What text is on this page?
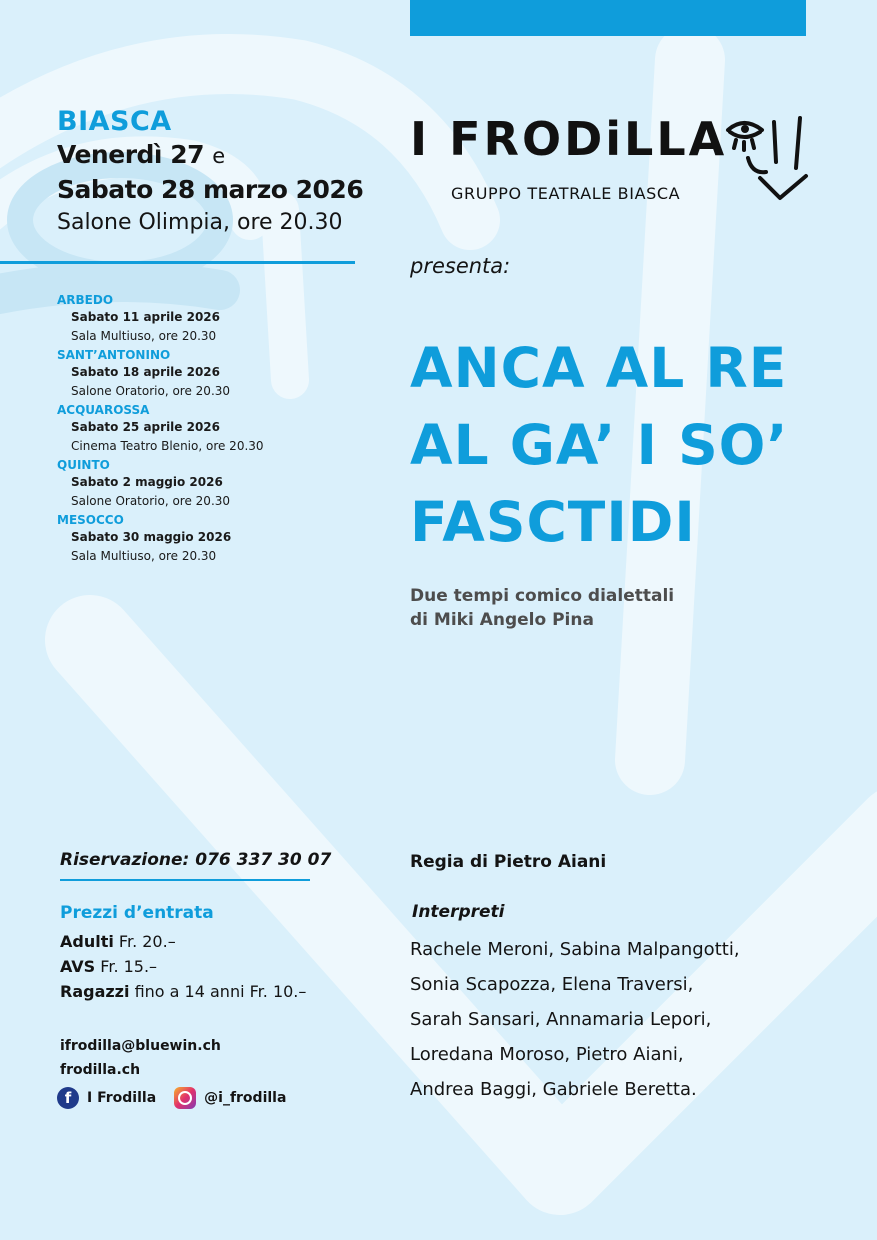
BIASCA
Venerdì 27 e
Sabato 28 marzo 2026
Salone Olimpia, ore 20.30
ARBEDO
Sabato 11 aprile 2026
Sala Multiuso, ore 20.30
SANT’ANTONINO
Sabato 18 aprile 2026
Salone Oratorio, ore 20.30
ACQUAROSSA
Sabato 25 aprile 2026
Cinema Teatro Blenio, ore 20.30
QUINTO
Sabato 2 maggio 2026
Salone Oratorio, ore 20.30
MESOCCO
Sabato 30 maggio 2026
Sala Multiuso, ore 20.30
I FRODiLLA
GRUPPO TEATRALE BIASCA
presenta:
ANCA AL RE
AL GA’ I SO’
FASCTIDI
Due tempi comico dialettali
di Miki Angelo Pina
Riservazione: 076 337 30 07
Prezzi d’entrata
Adulti Fr. 20.–
AVS Fr. 15.–
Ragazzi fino a 14 anni Fr. 10.–
ifrodilla@bluewin.ch
frodilla.ch
f	I Frodilla	@i_frodilla
Regia di Pietro Aiani
Interpreti
Rachele Meroni, Sabina Malpangotti,
Sonia Scapozza, Elena Traversi,
Sarah Sansari, Annamaria Lepori,
Loredana Moroso, Pietro Aiani,
Andrea Baggi, Gabriele Beretta.
